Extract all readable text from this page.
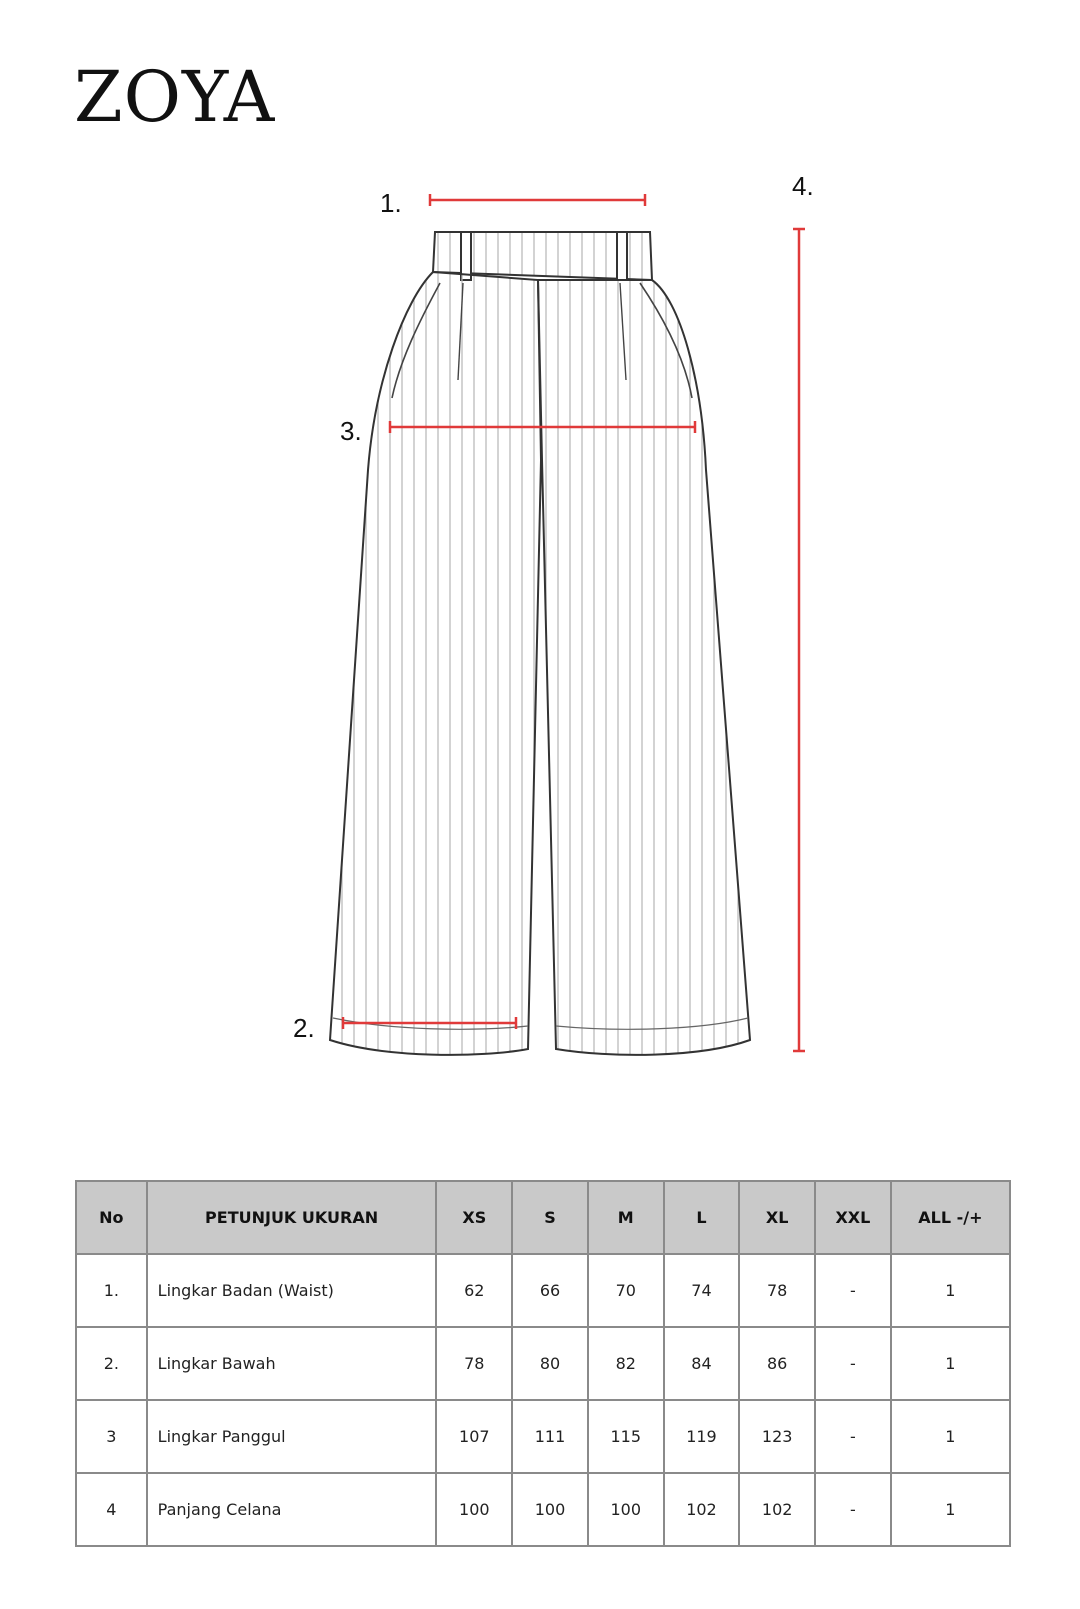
ZOYA
1.
2.
3.
4.
No	PETUNJUK UKURAN	XS	S	M	L	XL	XXL	ALL -/+
1.	Lingkar Badan (Waist)	62	66	70	74	78	-	1
2.	Lingkar Bawah	78	80	82	84	86	-	1
3	Lingkar Panggul	107	111	115	119	123	-	1
4	Panjang Celana	100	100	100	102	102	-	1
